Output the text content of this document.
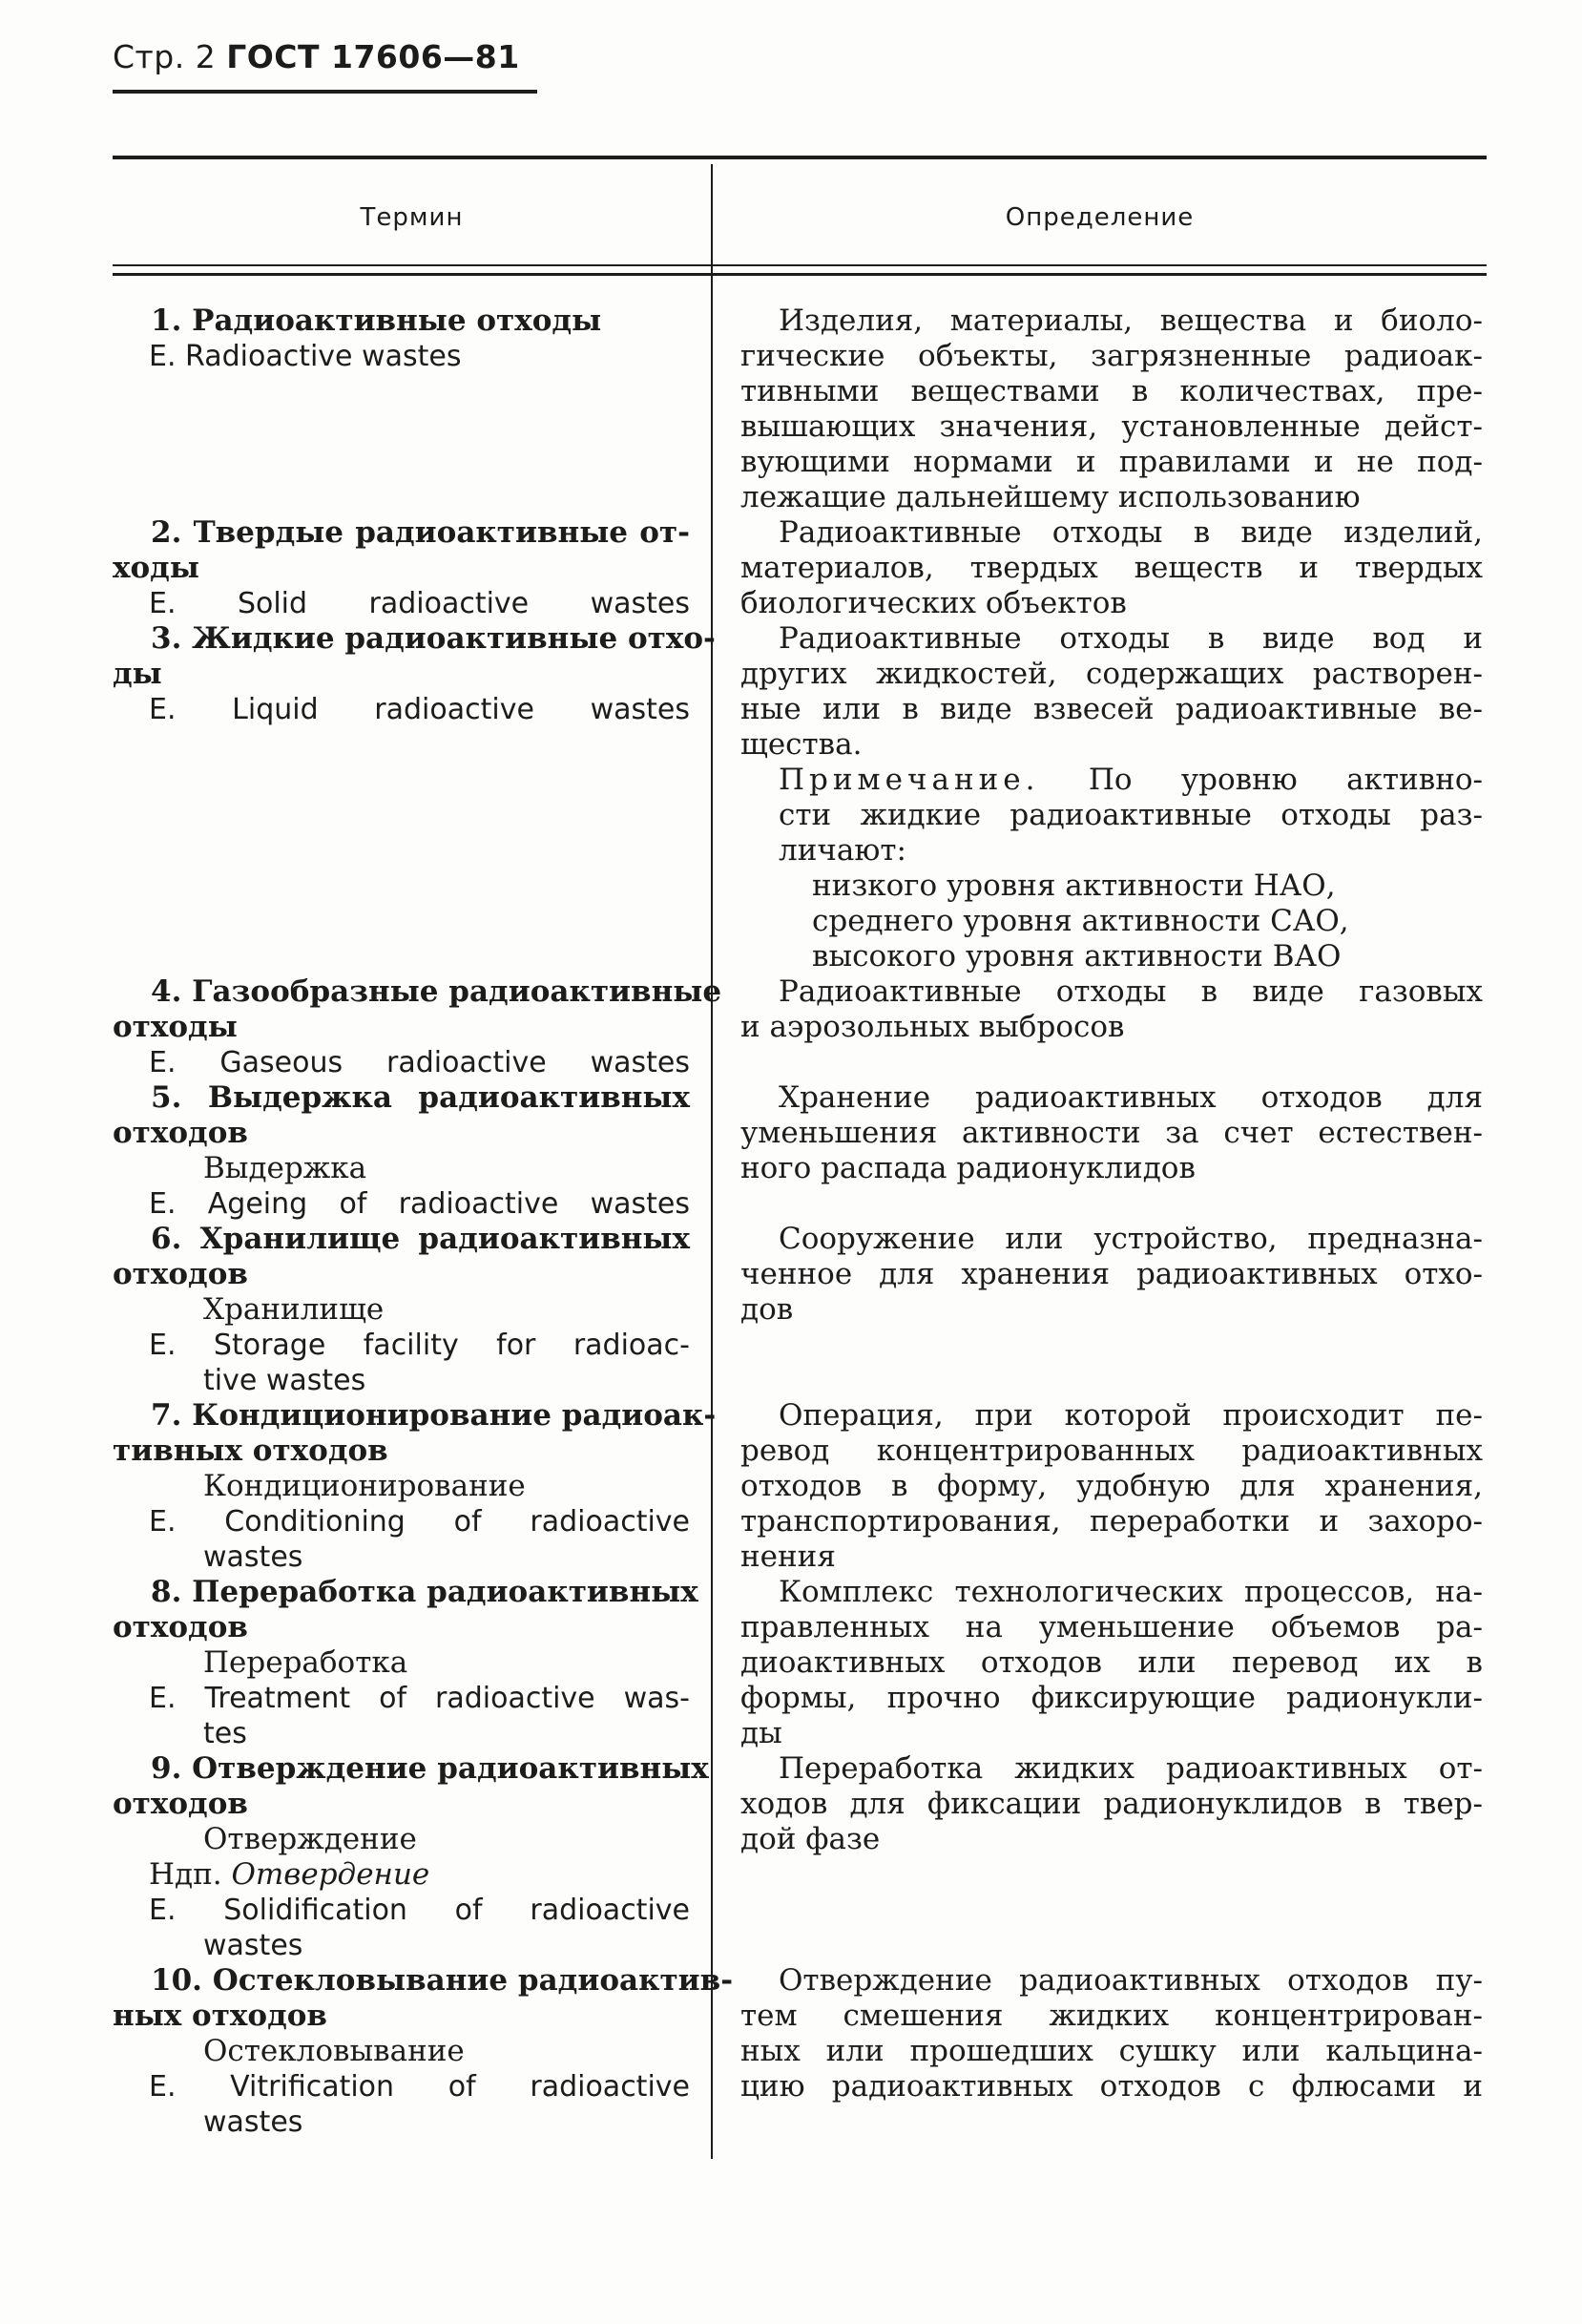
Стр. 2 ГОСТ 17606—81
Термин	Определение
1. Радиоактивные отходы
E. Radioactive wastes
2. Твердые радиоактивные от-
ходы
E. Solid radioactive wastes
3. Жидкие радиоактивные отхо-
ды
E. Liquid radioactive wastes
4. Газообразные радиоактивные
отходы
E. Gaseous radioactive wastes
5. Выдержка радиоактивных
отходов
Выдержка
E. Ageing of radioactive wastes
6. Хранилище радиоактивных
отходов
Хранилище
E. Storage facility for radioac-
tive wastes
7. Кондиционирование радиоак-
тивных отходов
Кондиционирование
E. Conditioning of radioactive
wastes
8. Переработка радиоактивных
отходов
Переработка
E. Treatment of radioactive was-
tes
9. Отверждение радиоактивных
отходов
Отверждение
Ндп. Отвердение
E. Solidification of radioactive
wastes
10. Остекловывание радиоактив-
ных отходов
Остекловывание
E. Vitrification of radioactive
wastes
Изделия, материалы, вещества и биоло-
гические объекты, загрязненные радиоак-
тивными веществами в количествах, пре-
вышающих значения, установленные дейст-
вующими нормами и правилами и не под-
лежащие дальнейшему использованию
Радиоактивные отходы в виде изделий,
материалов, твердых веществ и твердых
биологических объектов
Радиоактивные отходы в виде вод и
других жидкостей, содержащих растворен-
ные или в виде взвесей радиоактивные ве-
щества.
Примечание. По уровню активно-
сти жидкие радиоактивные отходы раз-
личают:
низкого уровня активности НАО,
среднего уровня активности САО,
высокого уровня активности ВАО
Радиоактивные отходы в виде газовых
и аэрозольных выбросов
Хранение радиоактивных отходов для
уменьшения активности за счет естествен-
ного распада радионуклидов
Сооружение или устройство, предназна-
ченное для хранения радиоактивных отхо-
дов
Операция, при которой происходит пе-
ревод концентрированных радиоактивных
отходов в форму, удобную для хранения,
транспортирования, переработки и захоро-
нения
Комплекс технологических процессов, на-
правленных на уменьшение объемов ра-
диоактивных отходов или перевод их в
формы, прочно фиксирующие радионукли-
ды
Переработка жидких радиоактивных от-
ходов для фиксации радионуклидов в твер-
дой фазе
Отверждение радиоактивных отходов пу-
тем смешения жидких концентрирован-
ных или прошедших сушку или кальцина-
цию радиоактивных отходов с флюсами и
